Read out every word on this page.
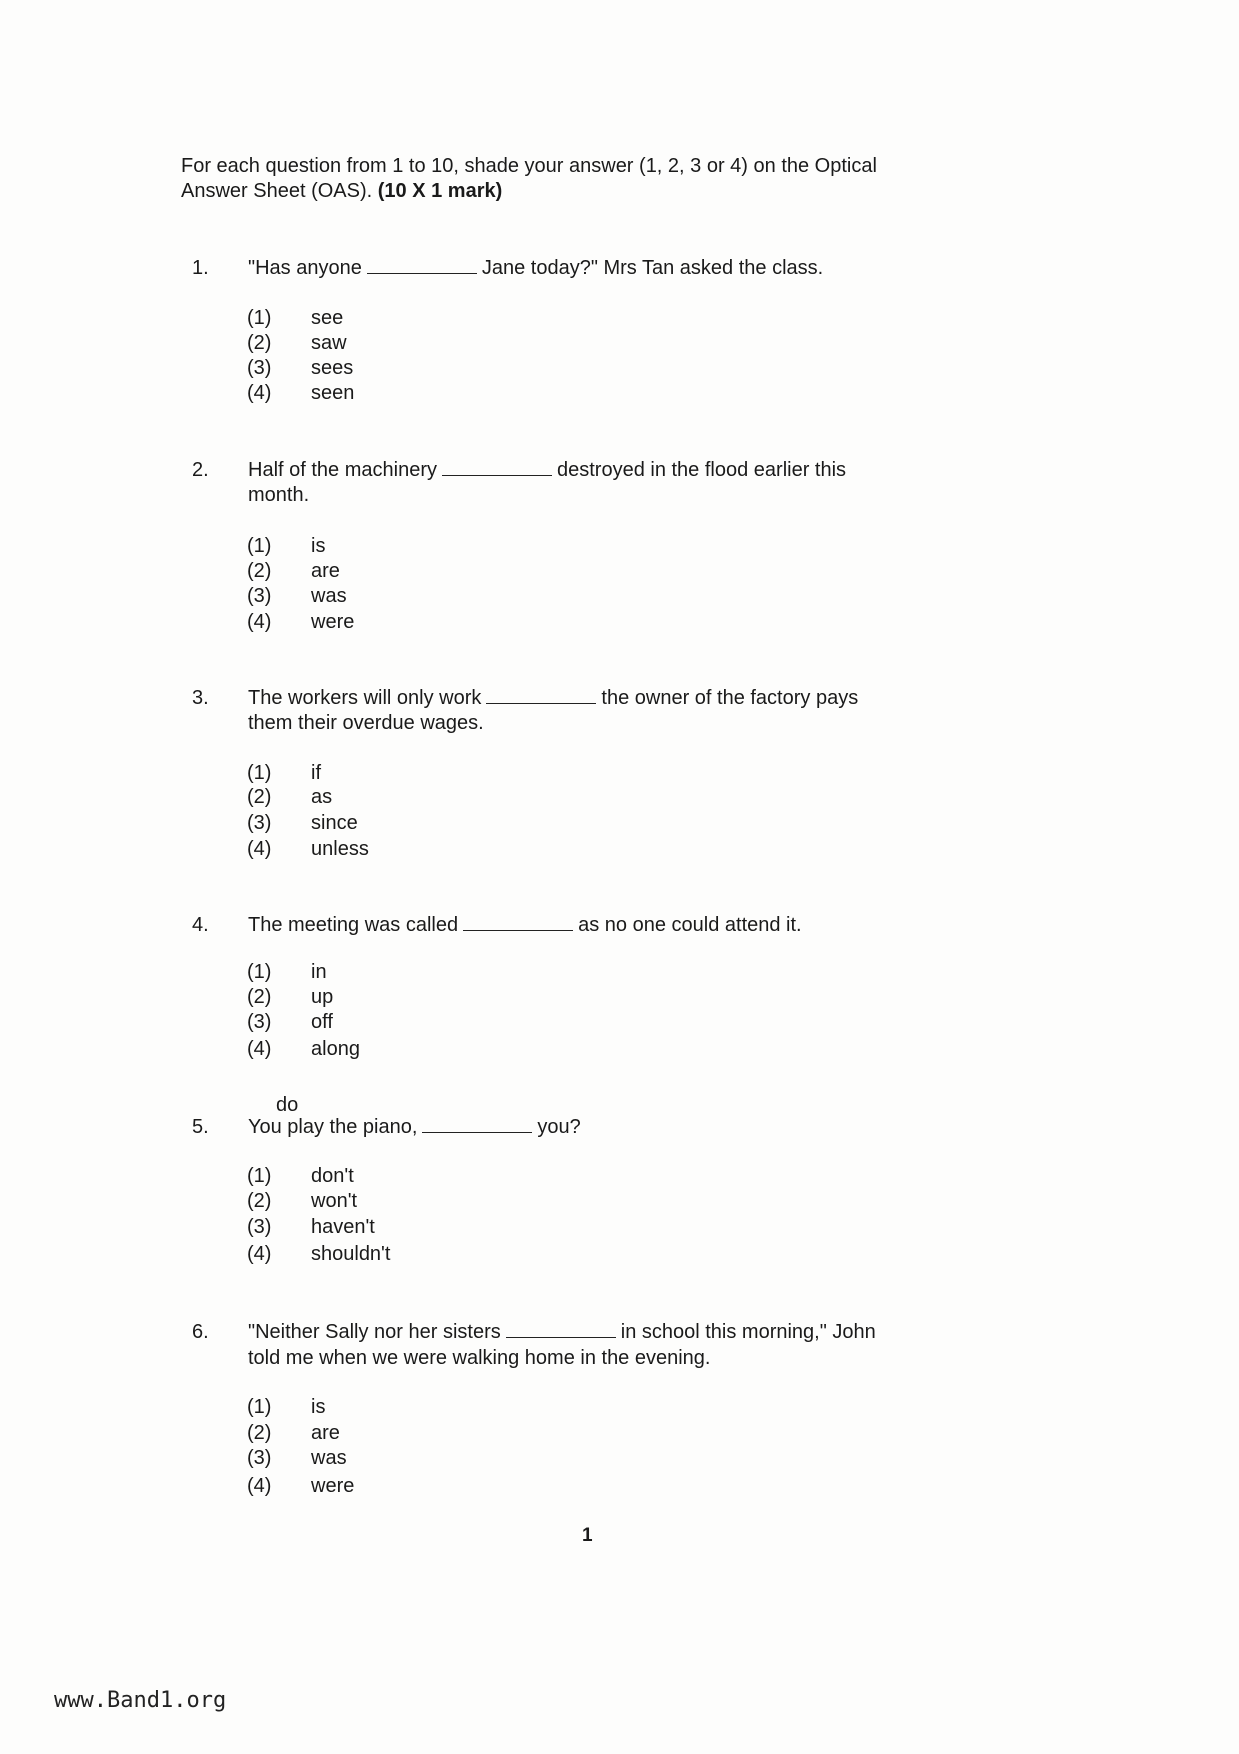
For each question from 1 to 10, shade your answer (1, 2, 3 or 4) on the Optical
Answer Sheet (OAS). (10 X 1 mark)
1. "Has anyone	Jane today?" Mrs Tan asked the class.
(1) see
(2) saw
(3) sees
(4) seen
2. Half of the machinery	destroyed in the flood earlier this
month.
(1) is
(2) are
(3) was
(4) were
3. The workers will only work	the owner of the factory pays
them their overdue wages.
(1) if
(2) as
(3) since
(4) unless
4. The meeting was called	as no one could attend it.
(1) in
(2) up
(3) off
(4) along
5. You play the piano,	you?
(1) don't
(2) won't
(3) haven't
(4) shouldn't
6. "Neither Sally nor her sisters	in school this morning," John
told me when we were walking home in the evening.
(1) is
(2) are
(3) was
(4) were
do
1
www.Band1.org
